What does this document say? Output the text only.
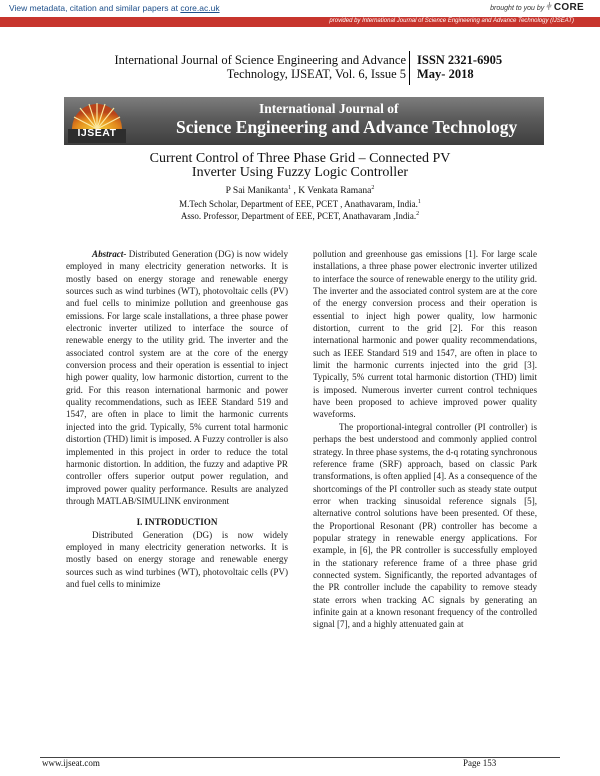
View metadata, citation and similar papers at core.ac.uk	brought to you by ⫩ CORE
provided by International Journal of Science Engineering and Advance Technology (IJSEAT)
International Journal of Science Engineering and Advance
Technology, IJSEAT, Vol. 6, Issue 5
ISSN 2321-6905
May- 2018
IJSEAT
International Journal of
Science Engineering and Advance Technology
Current Control of Three Phase Grid – Connected PV
Inverter Using Fuzzy Logic Controller
P Sai Manikanta$^1$ , K Venkata Ramana$^2$
M.Tech Scholar, Department of EEE, PCET , Anathavaram, India.$^1$
Asso. Professor, Department of EEE, PCET, Anathavaram ,India.$^2$

Abstract- Distributed Generation (DG) is now widely employed in many electricity generation networks. It is mostly based on energy storage and renewable energy sources such as wind turbines (WT), photovoltaic cells (PV) and fuel cells to minimize pollution and greenhouse gas emissions. For large scale installations, a three phase power electronic inverter utilized to interface the source of renewable energy to the utility grid. The inverter and the associated control system are at the core of the energy conversion process and their operation is essential to inject high power quality, low harmonic distortion, current to the grid. For this reason international harmonic and power quality recommendations, such as IEEE Standard 519 and 1547, are often in place to limit the harmonic currents injected into the grid. Typically, 5% current total harmonic distortion (THD) limit is imposed. A Fuzzy controller is also implemented in this project in order to reduce the total harmonic distortion. In addition, the fuzzy and adaptive PR controller offers superior output power regulation, and improved power quality performance. Results are analyzed through MATLAB/SIMULINK environment

I. INTRODUCTION

Distributed Generation (DG) is now widely employed in many electricity generation networks. It is mostly based on energy storage and renewable energy sources such as wind turbines (WT), photovoltaic cells (PV) and fuel cells to minimize

pollution and greenhouse gas emissions [1]. For large scale installations, a three phase power electronic inverter utilized to interface the source of renewable energy to the utility grid. The inverter and the associated control system are at the core of the energy conversion process and their operation is essential to inject high power quality, low harmonic distortion, current to the grid [2]. For this reason international harmonic and power quality recommendations, such as IEEE Standard 519 and 1547, are often in place to limit the harmonic currents injected into the grid [3]. Typically, 5% current total harmonic distortion (THD) limit is imposed. Numerous inverter current control techniques have been proposed to achieve improved power quality waveforms.

The proportional-integral controller (PI controller) is perhaps the best understood and commonly applied control strategy. In three phase systems, the d-q rotating synchronous reference frame (SRF) approach, based on classic Park transformations, is often applied [4]. As a consequence of the shortcomings of the PI controller such as steady state output error when tracking sinusoidal reference signals [5], alternative control solutions have been presented. Of these, the Proportional Resonant (PR) controller has become a popular strategy in renewable energy applications. For example, in [6], the PR controller is successfully employed in the stationary reference frame of a three phase grid connected system. Significantly, the reported advantages of the PR controller include the capability to remove steady state errors when tracking AC signals by generating an infinite gain at a known resonant frequency of the controlled signal [7], and a highly attenuated gain at

www.ijseat.com	Page 153
